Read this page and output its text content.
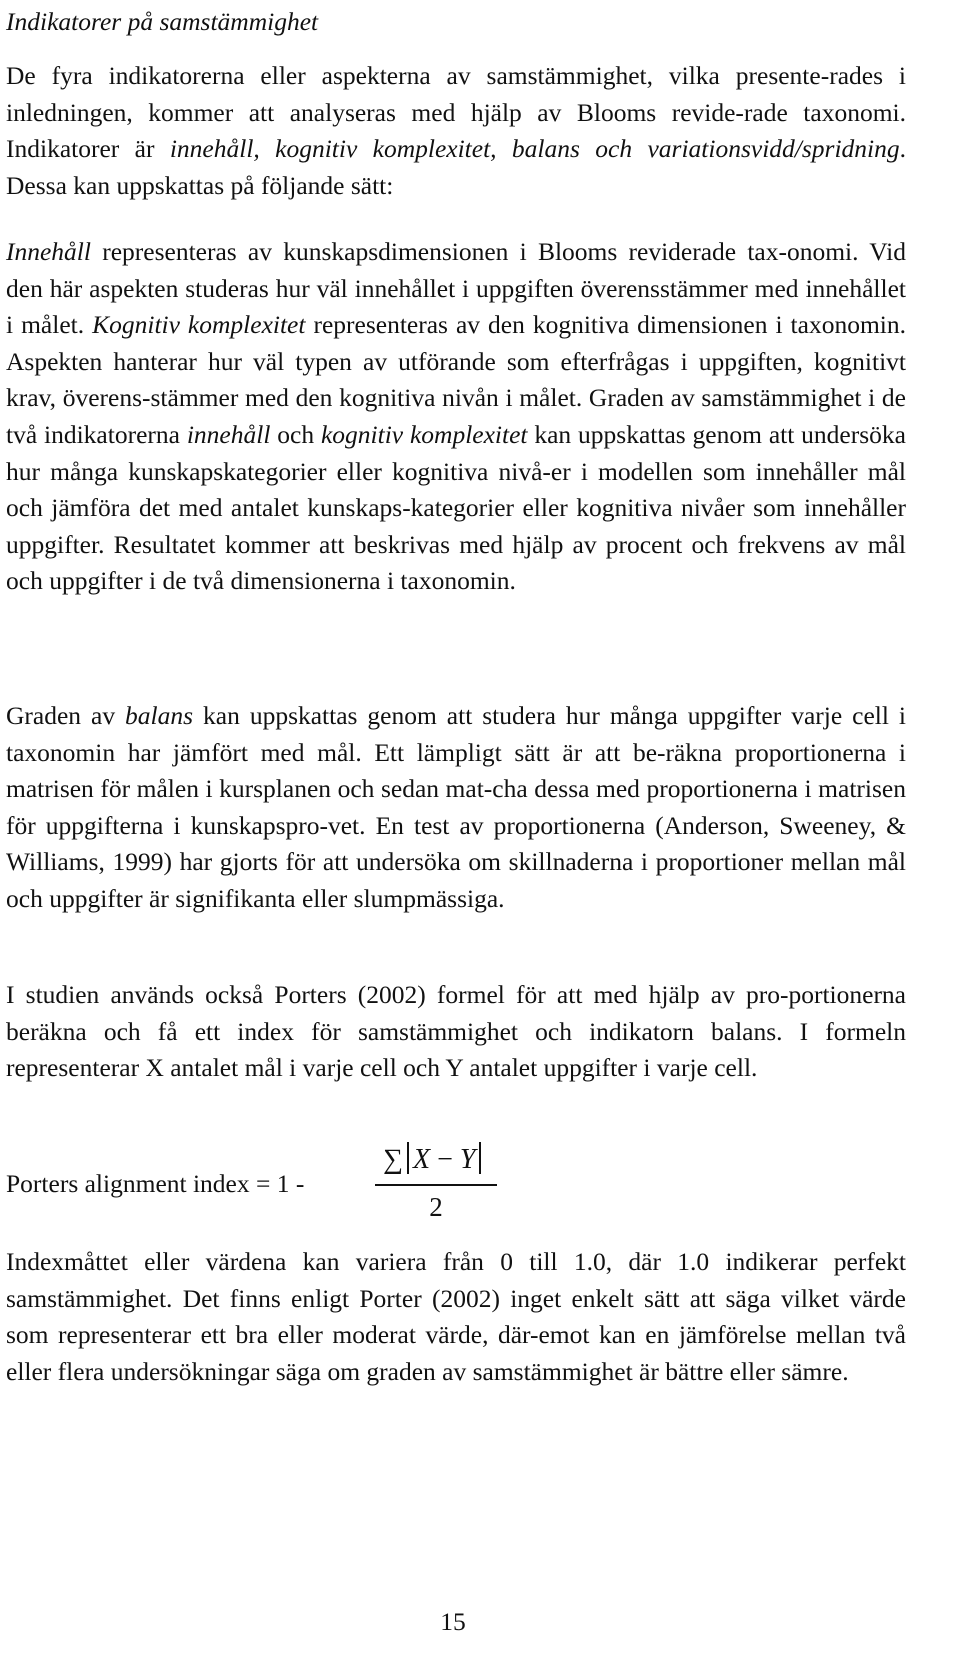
Indikatorer på samstämmighet

De fyra indikatorerna eller aspekterna av samstämmighet, vilka presente-rades i inledningen, kommer att analyseras med hjälp av Blooms revide-rade taxonomi. Indikatorer är innehåll, kognitiv komplexitet, balans och variationsvidd/spridning. Dessa kan uppskattas på följande sätt:

Innehåll representeras av kunskapsdimensionen i Blooms reviderade tax-onomi. Vid den här aspekten studeras hur väl innehållet i uppgiften överensstämmer med innehållet i målet. Kognitiv komplexitet representeras av den kognitiva dimensionen i taxonomin. Aspekten hanterar hur väl typen av utförande som efterfrågas i uppgiften, kognitivt krav, överens-stämmer med den kognitiva nivån i målet. Graden av samstämmighet i de två indikatorerna innehåll och kognitiv komplexitet kan uppskattas genom att undersöka hur många kunskapskategorier eller kognitiva nivå-er i modellen som innehåller mål och jämföra det med antalet kunskaps-kategorier eller kognitiva nivåer som innehåller uppgifter. Resultatet kommer att beskrivas med hjälp av procent och frekvens av mål och uppgifter i de två dimensionerna i taxonomin.

Graden av balans kan uppskattas genom att studera hur många uppgifter varje cell i taxonomin har jämfört med mål. Ett lämpligt sätt är att be-räkna proportionerna i matrisen för målen i kursplanen och sedan mat-cha dessa med proportionerna i matrisen för uppgifterna i kunskapspro-vet. En test av proportionerna (Anderson, Sweeney, & Williams, 1999) har gjorts för att undersöka om skillnaderna i proportioner mellan mål och uppgifter är signifikanta eller slumpmässiga.

I studien används också Porters (2002) formel för att med hjälp av pro-portionerna beräkna och få ett index för samstämmighet och indikatorn balans. I formeln representerar X antalet mål i varje cell och Y antalet uppgifter i varje cell.

Indexmåttet eller värdena kan variera från 0 till 1.0, där 1.0 indikerar perfekt samstämmighet. Det finns enligt Porter (2002) inget enkelt sätt att säga vilket värde som representerar ett bra eller moderat värde, där-emot kan en jämförelse mellan två eller flera undersökningar säga om graden av samstämmighet är bättre eller sämre.

Porters alignment index = 1 -
∑ X − Y
2
15
